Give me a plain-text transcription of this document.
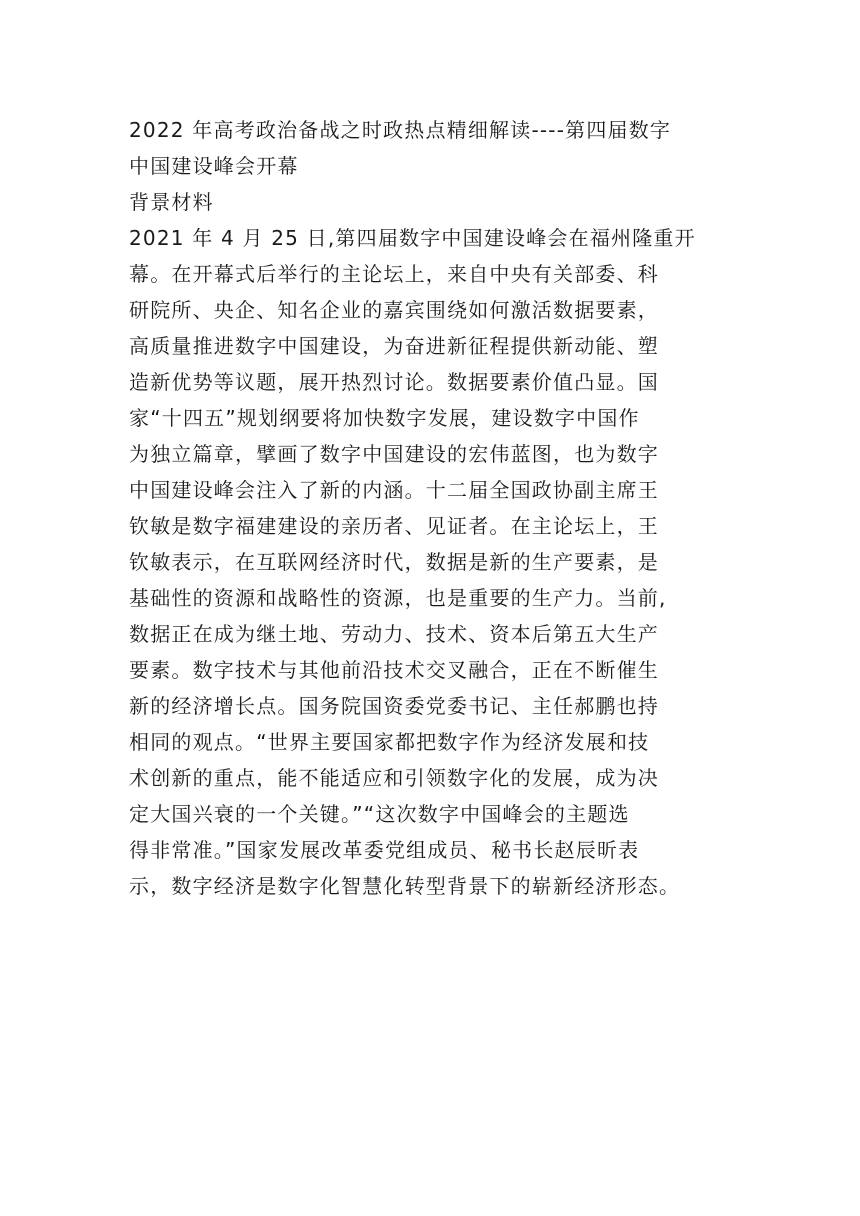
2022 年高考政治备战之时政热点精细解读----第四届数字
中国建设峰会开幕
背景材料
2021 年 4 月 25 日,第四届数字中国建设峰会在福州隆重开
幕。在开幕式后举行的主论坛上，来自中央有关部委、科
研院所、央企、知名企业的嘉宾围绕如何激活数据要素，
高质量推进数字中国建设，为奋进新征程提供新动能、塑
造新优势等议题，展开热烈讨论。数据要素价值凸显。国
家“十四五”规划纲要将加快数字发展，建设数字中国作
为独立篇章，擘画了数字中国建设的宏伟蓝图，也为数字
中国建设峰会注入了新的内涵。十二届全国政协副主席王
钦敏是数字福建建设的亲历者、见证者。在主论坛上，王
钦敏表示，在互联网经济时代，数据是新的生产要素，是
基础性的资源和战略性的资源，也是重要的生产力。当前,
数据正在成为继土地、劳动力、技术、资本后第五大生产
要素。数字技术与其他前沿技术交叉融合，正在不断催生
新的经济增长点。国务院国资委党委书记、主任郝鹏也持
相同的观点。“世界主要国家都把数字作为经济发展和技
术创新的重点，能不能适应和引领数字化的发展，成为决
定大国兴衰的一个关键。”“这次数字中国峰会的主题选
得非常准。”国家发展改革委党组成员、秘书长赵辰昕表
示，数字经济是数字化智慧化转型背景下的崭新经济形态。
